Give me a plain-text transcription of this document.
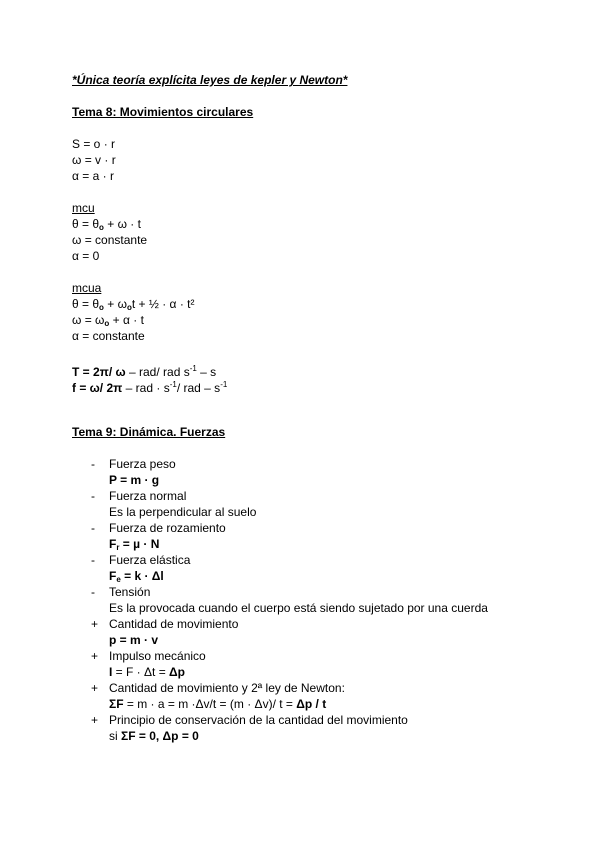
*Única teoría explícita leyes de kepler y Newton*
Tema 8: Movimientos circulares
S = ο · r
ω = v · r
α = a · r
mcu
$\theta = \theta_o + \omega \cdot t$
ω = constante
α = 0
mcua
$\theta = \theta_o + \omega_ot$ + ½ · α · t²
$\omega = \omega_o + \alpha \cdot t$
α = constante
T = 2π/ ω – rad/ rad $s^{-1}$ – s
f = ω/ 2π – rad · $s^{-1}/$ rad – $s^{-1}$
Tema 9: Dinámica. Fuerzas
-
-
-
-
-
+
+
+
+
Fuerza peso
P = m · g
Fuerza normal
Es la perpendicular al suelo
Fuerza de rozamiento
$F_r = \mu \cdot N$
Fuerza elástica
$F_e = k \cdot \Delta l$
Tensión
Es la provocada cuando el cuerpo está siendo sujetado por una cuerda
Cantidad de movimiento
p = m · v
Impulso mecánico
I = F · Δt = Δp
Cantidad de movimiento y 2ª ley de Newton:
ΣF = m · a = m ·Δv/t = (m · Δv)/ t = Δp / t
Principio de conservación de la cantidad del movimiento
si ΣF = 0, Δp = 0
